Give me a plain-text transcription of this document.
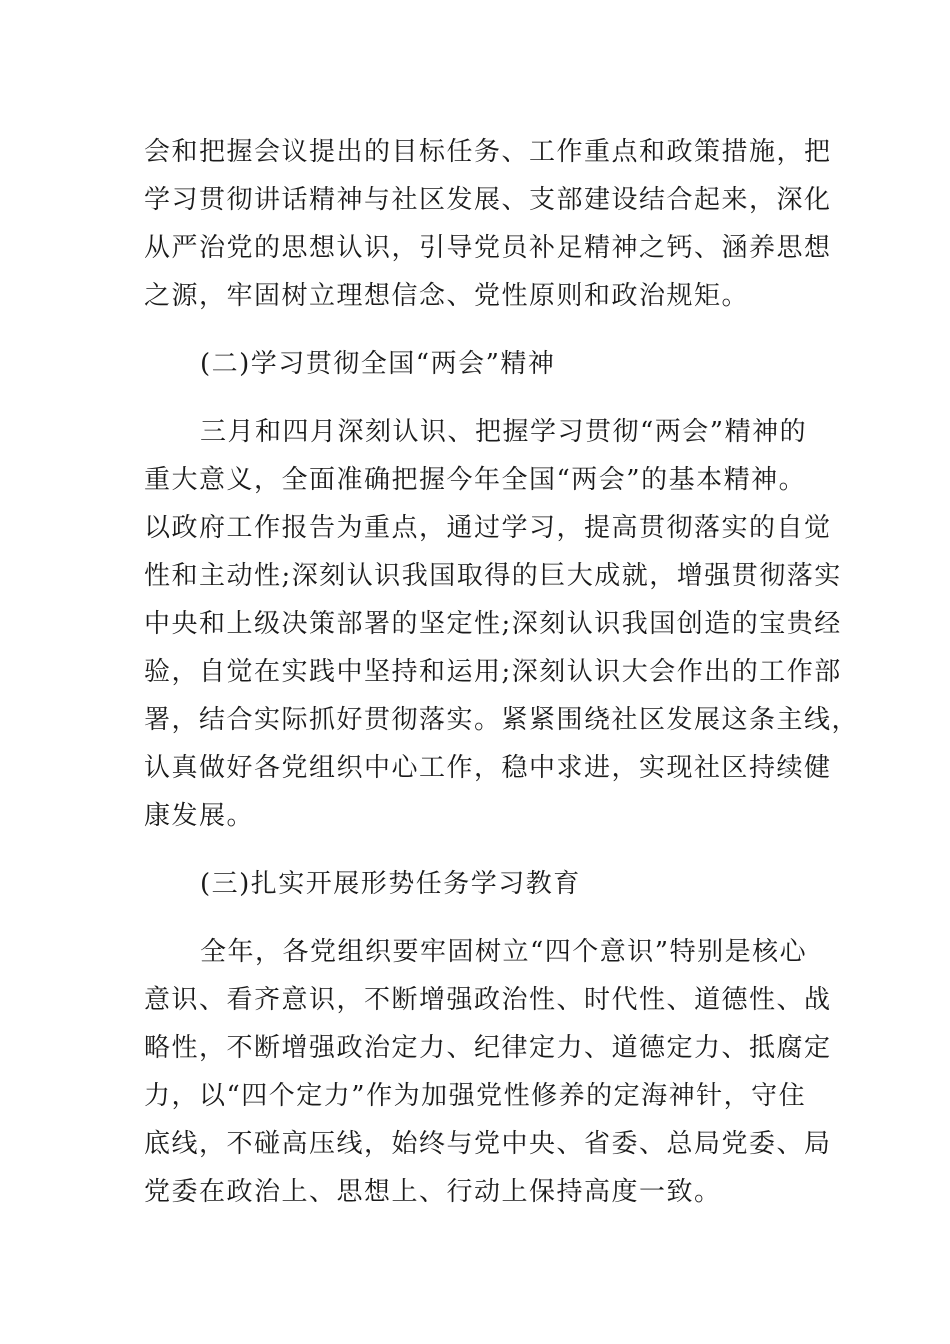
会和把握会议提出的目标任务、工作重点和政策措施，把
学习贯彻讲话精神与社区发展、支部建设结合起来，深化
从严治党的思想认识，引导党员补足精神之钙、涵养思想
之源，牢固树立理想信念、党性原则和政治规矩。
(二)学习贯彻全国“两会”精神
三月和四月深刻认识、把握学习贯彻“两会”精神的
重大意义，全面准确把握今年全国“两会”的基本精神。
以政府工作报告为重点，通过学习，提高贯彻落实的自觉
性和主动性;深刻认识我国取得的巨大成就，增强贯彻落实
中央和上级决策部署的坚定性;深刻认识我国创造的宝贵经
验，自觉在实践中坚持和运用;深刻认识大会作出的工作部
署，结合实际抓好贯彻落实。紧紧围绕社区发展这条主线，
认真做好各党组织中心工作，稳中求进，实现社区持续健
康发展。
(三)扎实开展形势任务学习教育
全年，各党组织要牢固树立“四个意识”特别是核心
意识、看齐意识，不断增强政治性、时代性、道德性、战
略性，不断增强政治定力、纪律定力、道德定力、抵腐定
力，以“四个定力”作为加强党性修养的定海神针，守住
底线，不碰高压线，始终与党中央、省委、总局党委、局
党委在政治上、思想上、行动上保持高度一致。
